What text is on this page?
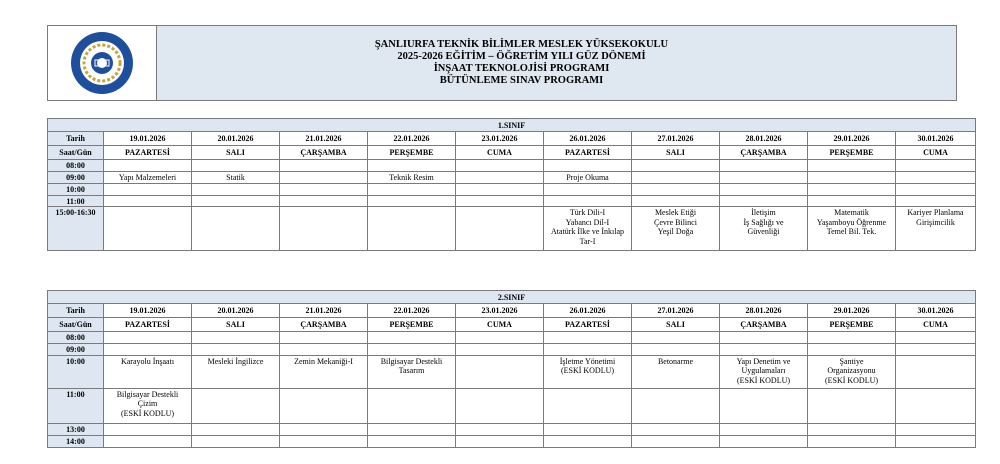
ŞANLIURFA TEKNİK BİLİMLER MESLEK YÜKSEKOKULU
2025-2026 EĞİTİM – ÖĞRETİM YILI GÜZ DÖNEMİ
İNŞAAT TEKNOLOJİSİ PROGRAMI
BÜTÜNLEME SINAV PROGRAMI
1.SINIF										
Tarih	19.01.2026	20.01.2026	21.01.2026	22.01.2026	23.01.2026	26.01.2026	27.01.2026	28.01.2026	29.01.2026	30.01.2026
Saat/Gün	PAZARTESİ	SALI	ÇARŞAMBA	PERŞEMBE	CUMA	PAZARTESİ	SALI	ÇARŞAMBA	PERŞEMBE	CUMA
08:00										
09:00	Yapı Malzemeleri	Statik		Teknik Resim		Proje Okuma				

10:00										
11:00										
15:00-16:30						Türk Dili-I
Yabancı Dil-I
Atatürk İlke ve İnkılap
Tar-I	Meslek Etiği
Çevre Bilinci
Yeşil Doğa	İletişim
İş Sağlığı ve
Güvenliği	Matematik
Yaşamboyu Öğrenme
Temel Bil. Tek.	Kariyer Planlama
Girişimcilik
2.SINIF										
Tarih	19.01.2026	20.01.2026	21.01.2026	22.01.2026	23.01.2026	26.01.2026	27.01.2026	28.01.2026	29.01.2026	30.01.2026
Saat/Gün	PAZARTESİ	SALI	ÇARŞAMBA	PERŞEMBE	CUMA	PAZARTESİ	SALI	ÇARŞAMBA	PERŞEMBE	CUMA
08:00										
09:00										
10:00	Karayolu İnşaatı	Mesleki İngilizce	Zemin Mekaniği-I	Bilgisayar Destekli
Tasarım		İşletme Yönetimi
(ESKİ KODLU)	Betonarme	Yapı Denetim ve
Uygulamaları
(ESKİ KODLU)	Şantiye
Organizasyonu
(ESKİ KODLU)	

11:00	Bilgisayar Destekli
Çizim
(ESKİ KODLU)									

13:00										
14:00										
